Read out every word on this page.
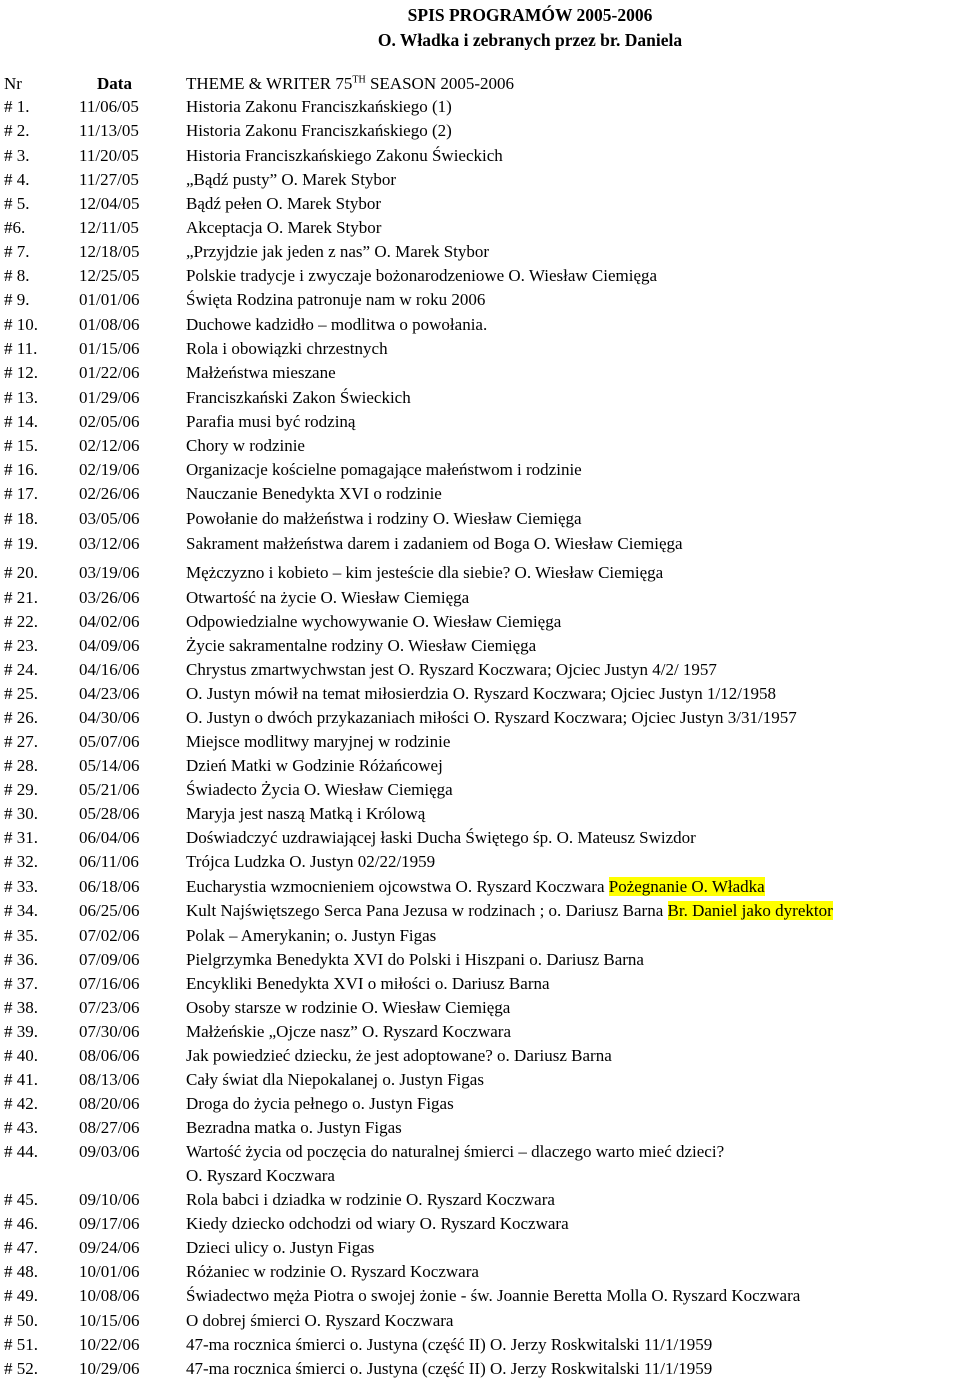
SPIS PROGRAMÓW 2005-2006
O. Władka i zebranych przez br. Daniela
Nr	Data	THEME & WRITER 75TH SEASON 2005-2006
# 1.	11/06/05	Historia Zakonu Franciszkańskiego (1)
# 2.	11/13/05	Historia Zakonu Franciszkańskiego (2)
# 3.	11/20/05	Historia Franciszkańskiego Zakonu Świeckich
# 4.	11/27/05	„Bądź pusty” O. Marek Stybor
# 5.	12/04/05	Bądź pełen O. Marek Stybor
#6.	12/11/05	Akceptacja O. Marek Stybor
# 7.	12/18/05	„Przyjdzie jak jeden z nas” O. Marek Stybor
# 8.	12/25/05	Polskie tradycje i zwyczaje bożonarodzeniowe O. Wiesław Ciemięga
# 9.	01/01/06	Święta Rodzina patronuje nam w roku 2006
# 10. 01/08/06	Duchowe kadzidło – modlitwa o powołania.
# 11. 01/15/06	Rola i obowiązki chrzestnych
# 12. 01/22/06	Małżeństwa mieszane
# 13. 01/29/06	Franciszkański Zakon Świeckich
# 14. 02/05/06	Parafia musi być rodziną
# 15. 02/12/06	Chory w rodzinie
# 16. 02/19/06	Organizacje kościelne pomagające małeństwom i rodzinie
# 17. 02/26/06	Nauczanie Benedykta XVI o rodzinie
# 18. 03/05/06	Powołanie do małżeństwa i rodziny O. Wiesław Ciemięga
# 19. 03/12/06	Sakrament małżeństwa darem i zadaniem od Boga O. Wiesław Ciemięga
# 20. 03/19/06	Mężczyzno i kobieto – kim jesteście dla siebie? O. Wiesław Ciemięga
# 21. 03/26/06	Otwartość na życie O. Wiesław Ciemięga
# 22. 04/02/06	Odpowiedzialne wychowywanie O. Wiesław Ciemięga
# 23. 04/09/06	Życie sakramentalne rodziny O. Wiesław Ciemięga
# 24. 04/16/06	Chrystus zmartwychwstan jest O. Ryszard Koczwara; Ojciec Justyn 4/2/ 1957
# 25. 04/23/06	O. Justyn mówił na temat miłosierdzia O. Ryszard Koczwara; Ojciec Justyn 1/12/1958
# 26. 04/30/06	O. Justyn o dwóch przykazaniach miłości O. Ryszard Koczwara; Ojciec Justyn 3/31/1957
# 27. 05/07/06	Miejsce modlitwy maryjnej w rodzinie
# 28. 05/14/06	Dzień Matki w Godzinie Różańcowej
# 29. 05/21/06	Świadecto Życia O. Wiesław Ciemięga
# 30. 05/28/06	Maryja jest naszą Matką i Królową
# 31. 06/04/06	Doświadczyć uzdrawiającej łaski Ducha Świętego śp. O. Mateusz Swizdor
# 32. 06/11/06	Trójca Ludzka O. Justyn 02/22/1959
# 33. 06/18/06	Eucharystia wzmocnieniem ojcowstwa O. Ryszard Koczwara Pożegnanie O. Władka
# 34. 06/25/06	Kult Najświętszego Serca Pana Jezusa w rodzinach ; o. Dariusz Barna Br. Daniel jako dyrektor
# 35. 07/02/06	Polak – Amerykanin; o. Justyn Figas
# 36. 07/09/06	Pielgrzymka Benedykta XVI do Polski i Hiszpani o. Dariusz Barna
# 37. 07/16/06	Encykliki Benedykta XVI o miłości o. Dariusz Barna
# 38. 07/23/06	Osoby starsze w rodzinie O. Wiesław Ciemięga
# 39. 07/30/06	Małżeńskie „Ojcze nasz” O. Ryszard Koczwara
# 40. 08/06/06	Jak powiedzieć dziecku, że jest adoptowane? o. Dariusz Barna
# 41. 08/13/06	Cały świat dla Niepokalanej o. Justyn Figas
# 42. 08/20/06	Droga do życia pełnego o. Justyn Figas
# 43. 08/27/06	Bezradna matka o. Justyn Figas
# 44. 09/03/06	Wartość życia od poczęcia do naturalnej śmierci – dlaczego warto mieć dzieci?
O. Ryszard Koczwara
# 45. 09/10/06	Rola babci i dziadka w rodzinie O. Ryszard Koczwara
# 46. 09/17/06	Kiedy dziecko odchodzi od wiary O. Ryszard Koczwara
# 47. 09/24/06	Dzieci ulicy o. Justyn Figas
# 48. 10/01/06	Różaniec w rodzinie O. Ryszard Koczwara
# 49. 10/08/06	Świadectwo męża Piotra o swojej żonie - św. Joannie Beretta Molla O. Ryszard Koczwara
# 50. 10/15/06	O dobrej śmierci O. Ryszard Koczwara
# 51. 10/22/06	47-ma rocznica śmierci o. Justyna (część II) O. Jerzy Roskwitalski 11/1/1959
# 52. 10/29/06	47-ma rocznica śmierci o. Justyna (część II) O. Jerzy Roskwitalski 11/1/1959
